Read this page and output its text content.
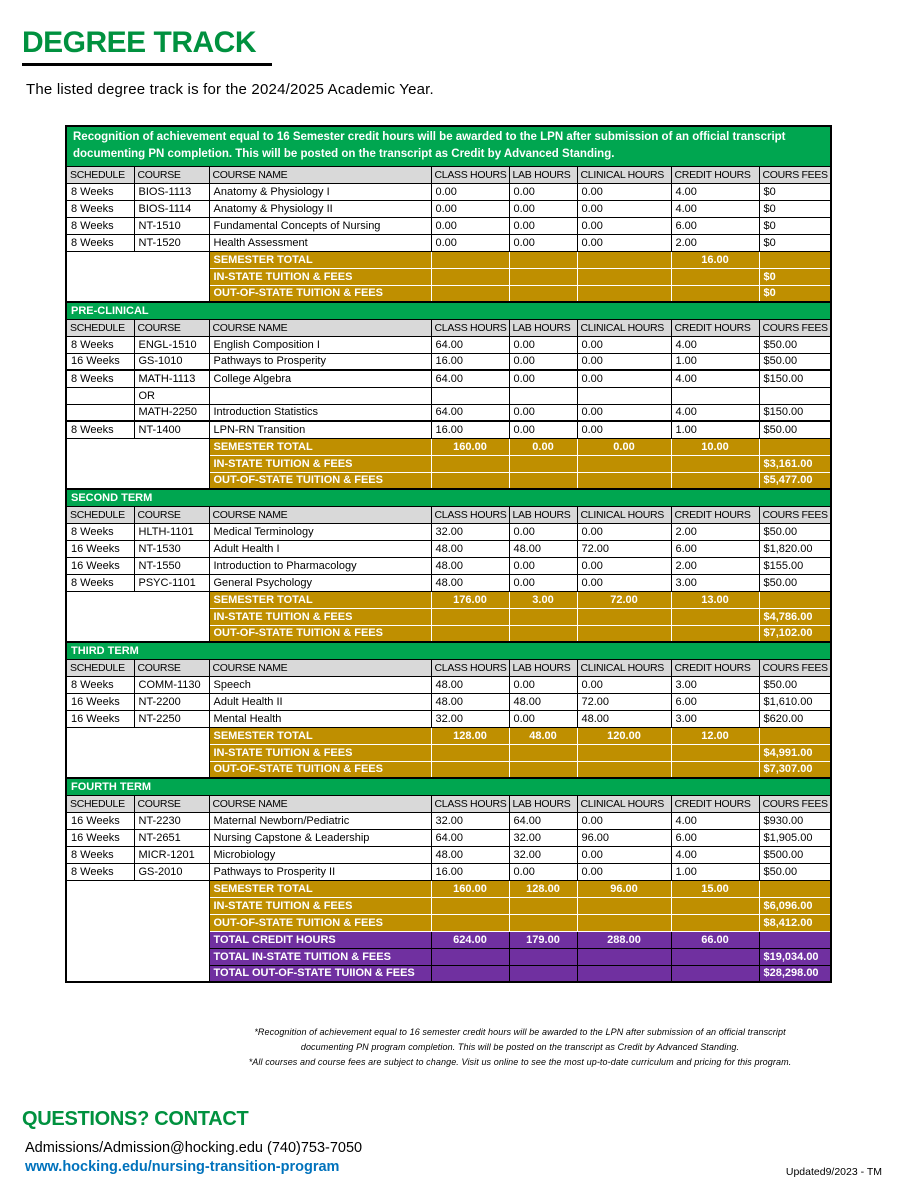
DEGREE TRACK

The listed degree track is for the 2024/2025 Academic Year.

Recognition of achievement equal to 16 Semester credit hours will be awarded to the LPN after submission of an official transcript documenting PN completion. This will be posted on the transcript as Credit by Advanced Standing.							
SCHEDULE	COURSE	COURSE NAME	CLASS HOURS	LAB HOURS	CLINICAL HOURS	CREDIT HOURS	COURS FEES
8 Weeks	BIOS-1113	Anatomy & Physiology I	0.00	0.00	0.00	4.00	$0
8 Weeks	BIOS-1114	Anatomy & Physiology II	0.00	0.00	0.00	4.00	$0
8 Weeks	NT-1510	Fundamental Concepts of Nursing	0.00	0.00	0.00	6.00	$0
8 Weeks	NT-1520	Health Assessment	0.00	0.00	0.00	2.00	$0
		SEMESTER TOTAL				16.00	
		IN-STATE TUITION & FEES					$0
		OUT-OF-STATE TUITION & FEES					$0
PRE-CLINICAL							
SCHEDULE	COURSE	COURSE NAME	CLASS HOURS	LAB HOURS	CLINICAL HOURS	CREDIT HOURS	COURS FEES
8 Weeks	ENGL-1510	English Composition I	64.00	0.00	0.00	4.00	$50.00
16 Weeks	GS-1010	Pathways to Prosperity	16.00	0.00	0.00	1.00	$50.00
8 Weeks	MATH-1113	College Algebra	64.00	0.00	0.00	4.00	$150.00
	OR						
	MATH-2250	Introduction Statistics	64.00	0.00	0.00	4.00	$150.00
8 Weeks	NT-1400	LPN-RN Transition	16.00	0.00	0.00	1.00	$50.00
		SEMESTER TOTAL	160.00	0.00	0.00	10.00	
		IN-STATE TUITION & FEES					$3,161.00
		OUT-OF-STATE TUITION & FEES					$5,477.00
SECOND TERM							
SCHEDULE	COURSE	COURSE NAME	CLASS HOURS	LAB HOURS	CLINICAL HOURS	CREDIT HOURS	COURS FEES
8 Weeks	HLTH-1101	Medical Terminology	32.00	0.00	0.00	2.00	$50.00
16 Weeks	NT-1530	Adult Health I	48.00	48.00	72.00	6.00	$1,820.00
16 Weeks	NT-1550	Introduction to Pharmacology	48.00	0.00	0.00	2.00	$155.00
8 Weeks	PSYC-1101	General Psychology	48.00	0.00	0.00	3.00	$50.00
		SEMESTER TOTAL	176.00	3.00	72.00	13.00	
		IN-STATE TUITION & FEES					$4,786.00
		OUT-OF-STATE TUITION & FEES					$7,102.00
THIRD TERM							
SCHEDULE	COURSE	COURSE NAME	CLASS HOURS	LAB HOURS	CLINICAL HOURS	CREDIT HOURS	COURS FEES
8 Weeks	COMM-1130	Speech	48.00	0.00	0.00	3.00	$50.00
16 Weeks	NT-2200	Adult Health II	48.00	48.00	72.00	6.00	$1,610.00
16 Weeks	NT-2250	Mental Health	32.00	0.00	48.00	3.00	$620.00
		SEMESTER TOTAL	128.00	48.00	120.00	12.00	
		IN-STATE TUITION & FEES					$4,991.00
		OUT-OF-STATE TUITION & FEES					$7,307.00
FOURTH TERM							
SCHEDULE	COURSE	COURSE NAME	CLASS HOURS	LAB HOURS	CLINICAL HOURS	CREDIT HOURS	COURS FEES
16 Weeks	NT-2230	Maternal Newborn/Pediatric	32.00	64.00	0.00	4.00	$930.00
16 Weeks	NT-2651	Nursing Capstone & Leadership	64.00	32.00	96.00	6.00	$1,905.00
8 Weeks	MICR-1201	Microbiology	48.00	32.00	0.00	4.00	$500.00
8 Weeks	GS-2010	Pathways to Prosperity II	16.00	0.00	0.00	1.00	$50.00
		SEMESTER TOTAL	160.00	128.00	96.00	15.00	
		IN-STATE TUITION & FEES					$6,096.00
		OUT-OF-STATE TUITION & FEES					$8,412.00
		TOTAL CREDIT HOURS	624.00	179.00	288.00	66.00	
		TOTAL IN-STATE TUITION & FEES					$19,034.00
		TOTAL OUT-OF-STATE TUIION & FEES					$28,298.00
*Recognition of achievement equal to 16 semester credit hours will be awarded to the LPN after submission of an official transcript
documenting PN program completion. This will be posted on the transcript as Credit by Advanced Standing.
*All courses and course fees are subject to change. Visit us online to see the most up-to-date curriculum and pricing for this program.
QUESTIONS? CONTACT

Admissions/Admission@hocking.edu (740)753-7050

www.hocking.edu/nursing-transition-program	Updated9/2023 - TM
